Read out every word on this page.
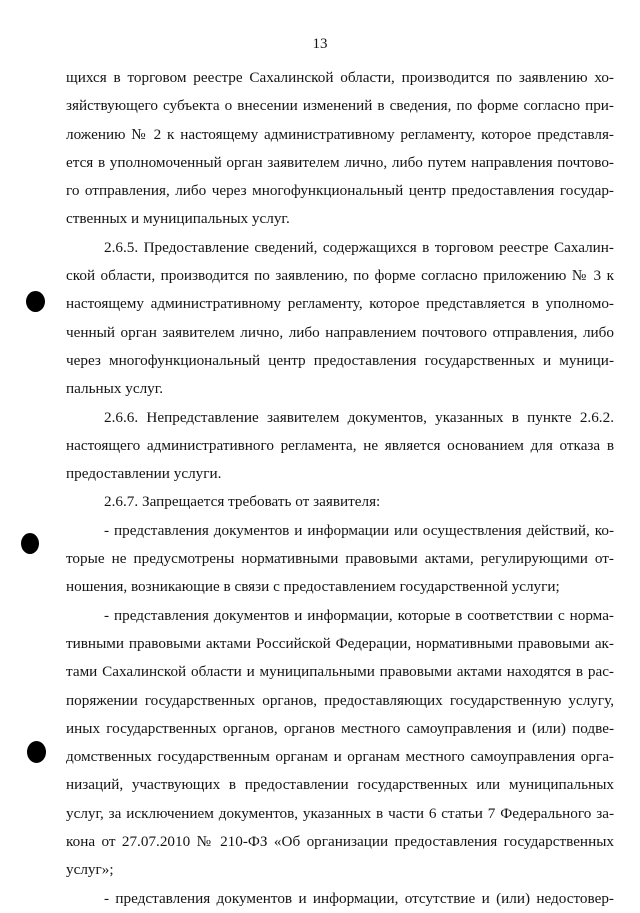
13
щихся в торговом реестре Сахалинской области, производится по заявлению хо-
зяйствующего субъекта о внесении изменений в сведения, по форме согласно при-
ложению № 2 к настоящему административному регламенту, которое представля-
ется в уполномоченный орган заявителем лично, либо путем направления почтово-
го отправления, либо через многофункциональный центр предоставления государ-
ственных и муниципальных услуг.
2.6.5. Предоставление сведений, содержащихся в торговом реестре Сахалин-
ской области, производится по заявлению, по форме согласно приложению № 3 к
настоящему административному регламенту, которое представляется в уполномо-
ченный орган заявителем лично, либо направлением почтового отправления, либо
через многофункциональный центр предоставления государственных и муници-
пальных услуг.
2.6.6. Непредставление заявителем документов, указанных в пункте 2.6.2.
настоящего административного регламента, не является основанием для отказа в
предоставлении услуги.
2.6.7. Запрещается требовать от заявителя:
- представления документов и информации или осуществления действий, ко-
торые не предусмотрены нормативными правовыми актами, регулирующими от-
ношения, возникающие в связи с предоставлением государственной услуги;
- представления документов и информации, которые в соответствии с норма-
тивными правовыми актами Российской Федерации, нормативными правовыми ак-
тами Сахалинской области и муниципальными правовыми актами находятся в рас-
поряжении государственных органов, предоставляющих государственную услугу,
иных государственных органов, органов местного самоуправления и (или) подве-
домственных государственным органам и органам местного самоуправления орга-
низаций, участвующих в предоставлении государственных или муниципальных
услуг, за исключением документов, указанных в части 6 статьи 7 Федерального за-
кона от 27.07.2010 № 210-ФЗ «Об организации предоставления государственных
услуг»;
- представления документов и информации, отсутствие и (или) недостовер-
